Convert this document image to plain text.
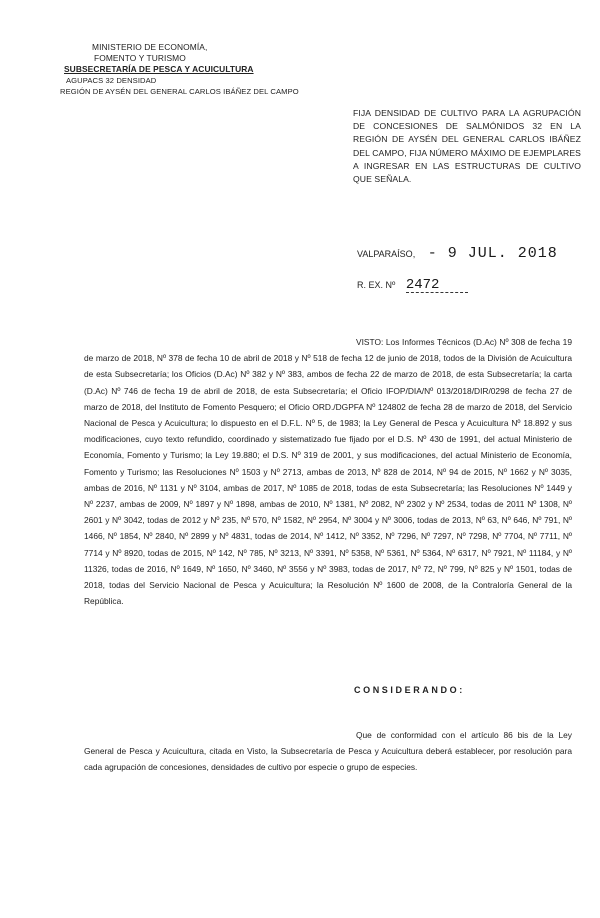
MINISTERIO DE ECONOMÍA,
FOMENTO Y TURISMO
SUBSECRETARÍA DE PESCA Y ACUICULTURA
AGUPACS 32 DENSIDAD
REGIÓN DE AYSÉN DEL GENERAL CARLOS IBÁÑEZ DEL CAMPO
FIJA DENSIDAD DE CULTIVO PARA LA AGRUPACIÓN DE CONCESIONES DE SALMÓNIDOS 32 EN LA REGIÓN DE AYSÉN DEL GENERAL CARLOS IBÁÑEZ DEL CAMPO, FIJA NÚMERO MÁXIMO DE EJEMPLARES A INGRESAR EN LAS ESTRUCTURAS DE CULTIVO QUE SEÑALA.
VALPARAÍSO, - 9 JUL. 2018
R. EX. Nº 2472
VISTO: Los Informes Técnicos (D.Ac) Nº 308 de fecha 19 de marzo de 2018, Nº 378 de fecha 10 de abril de 2018 y Nº 518 de fecha 12 de junio de 2018, todos de la División de Acuicultura de esta Subsecretaría; los Oficios (D.Ac) Nº 382 y Nº 383, ambos de fecha 22 de marzo de 2018, de esta Subsecretaría; la carta (D.Ac) Nº 746 de fecha 19 de abril de 2018, de esta Subsecretaría; el Oficio IFOP/DIA/Nº 013/2018/DIR/0298 de fecha 27 de marzo de 2018, del Instituto de Fomento Pesquero; el Oficio ORD./DGPFA Nº 124802 de fecha 28 de marzo de 2018, del Servicio Nacional de Pesca y Acuicultura; lo dispuesto en el D.F.L. Nº 5, de 1983; la Ley General de Pesca y Acuicultura Nº 18.892 y sus modificaciones, cuyo texto refundido, coordinado y sistematizado fue fijado por el D.S. Nº 430 de 1991, del actual Ministerio de Economía, Fomento y Turismo; la Ley 19.880; el D.S. Nº 319 de 2001, y sus modificaciones, del actual Ministerio de Economía, Fomento y Turismo; las Resoluciones Nº 1503 y Nº 2713, ambas de 2013, Nº 828 de 2014, Nº 94 de 2015, Nº 1662 y Nº 3035, ambas de 2016, Nº 1131 y Nº 3104, ambas de 2017, Nº 1085 de 2018, todas de esta Subsecretaría; las Resoluciones Nº 1449 y Nº 2237, ambas de 2009, Nº 1897 y Nº 1898, ambas de 2010, Nº 1381, Nº 2082, Nº 2302 y Nº 2534, todas de 2011 Nº 1308, Nº 2601 y Nº 3042, todas de 2012 y Nº 235, Nº 570, Nº 1582, Nº 2954, Nº 3004 y Nº 3006, todas de 2013, Nº 63, Nº 646, Nº 791, Nº 1466, Nº 1854, Nº 2840, Nº 2899 y Nº 4831, todas de 2014, Nº 1412, Nº 3352, Nº 7296, Nº 7297, Nº 7298, Nº 7704, Nº 7711, Nº 7714 y Nº 8920, todas de 2015, Nº 142, Nº 785, Nº 3213, Nº 3391, Nº 5358, Nº 5361, Nº 5364, Nº 6317, Nº 7921, Nº 11184, y Nº 11326, todas de 2016, Nº 1649, Nº 1650, Nº 3460, Nº 3556 y Nº 3983, todas de 2017, Nº 72, Nº 799, Nº 825 y Nº 1501, todas de 2018, todas del Servicio Nacional de Pesca y Acuicultura; la Resolución Nº 1600 de 2008, de la Contraloría General de la República.
CONSIDERANDO:
Que de conformidad con el artículo 86 bis de la Ley General de Pesca y Acuicultura, citada en Visto, la Subsecretaría de Pesca y Acuicultura deberá establecer, por resolución para cada agrupación de concesiones, densidades de cultivo por especie o grupo de especies.
